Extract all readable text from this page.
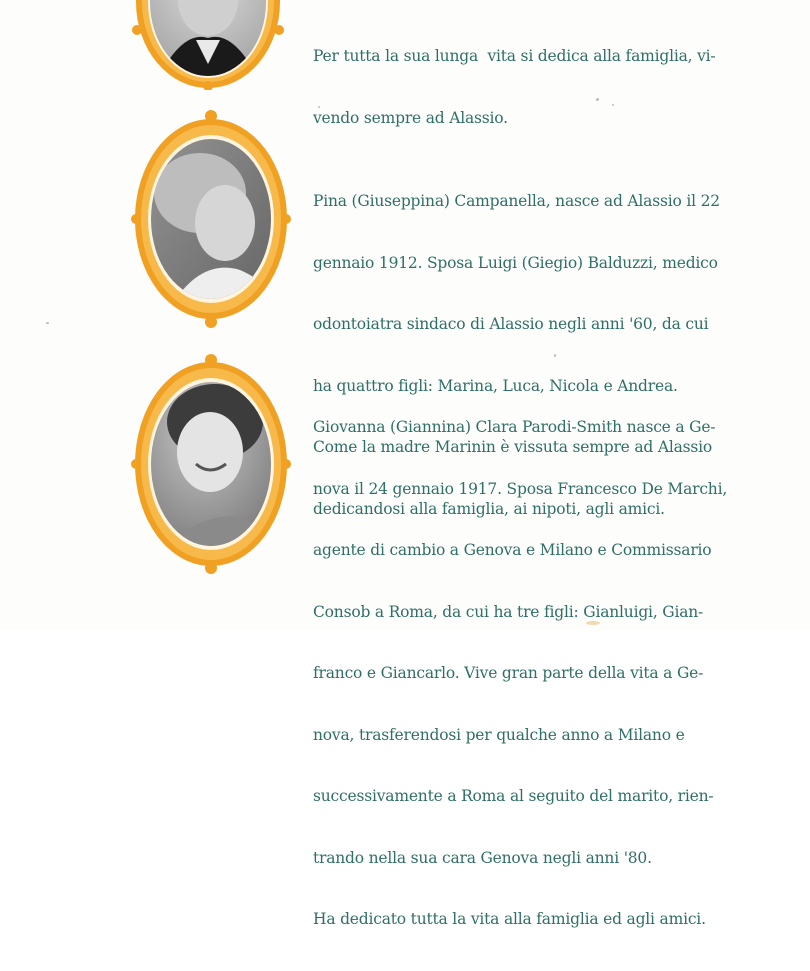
Per tutta la sua lunga  vita si dedica alla famiglia, vi-

vendo sempre ad Alassio.

Pina (Giuseppina) Campanella, nasce ad Alassio il 22

gennaio 1912. Sposa Luigi (Giegio) Balduzzi, medico

odontoiatra sindaco di Alassio negli anni '60, da cui

ha quattro figli: Marina, Luca, Nicola e Andrea.

Come la madre Marinin è vissuta sempre ad Alassio

dedicandosi alla famiglia, ai nipoti, agli amici.

Giovanna (Giannina) Clara Parodi-Smith nasce a Ge-

nova il 24 gennaio 1917. Sposa Francesco De Marchi,

agente di cambio a Genova e Milano e Commissario

Consob a Roma, da cui ha tre figli: Gianluigi, Gian-

franco e Giancarlo. Vive gran parte della vita a Ge-

nova, trasferendosi per qualche anno a Milano e

successivamente a Roma al seguito del marito, rien-

trando nella sua cara Genova negli anni '80.

Ha dedicato tutta la vita alla famiglia ed agli amici.
